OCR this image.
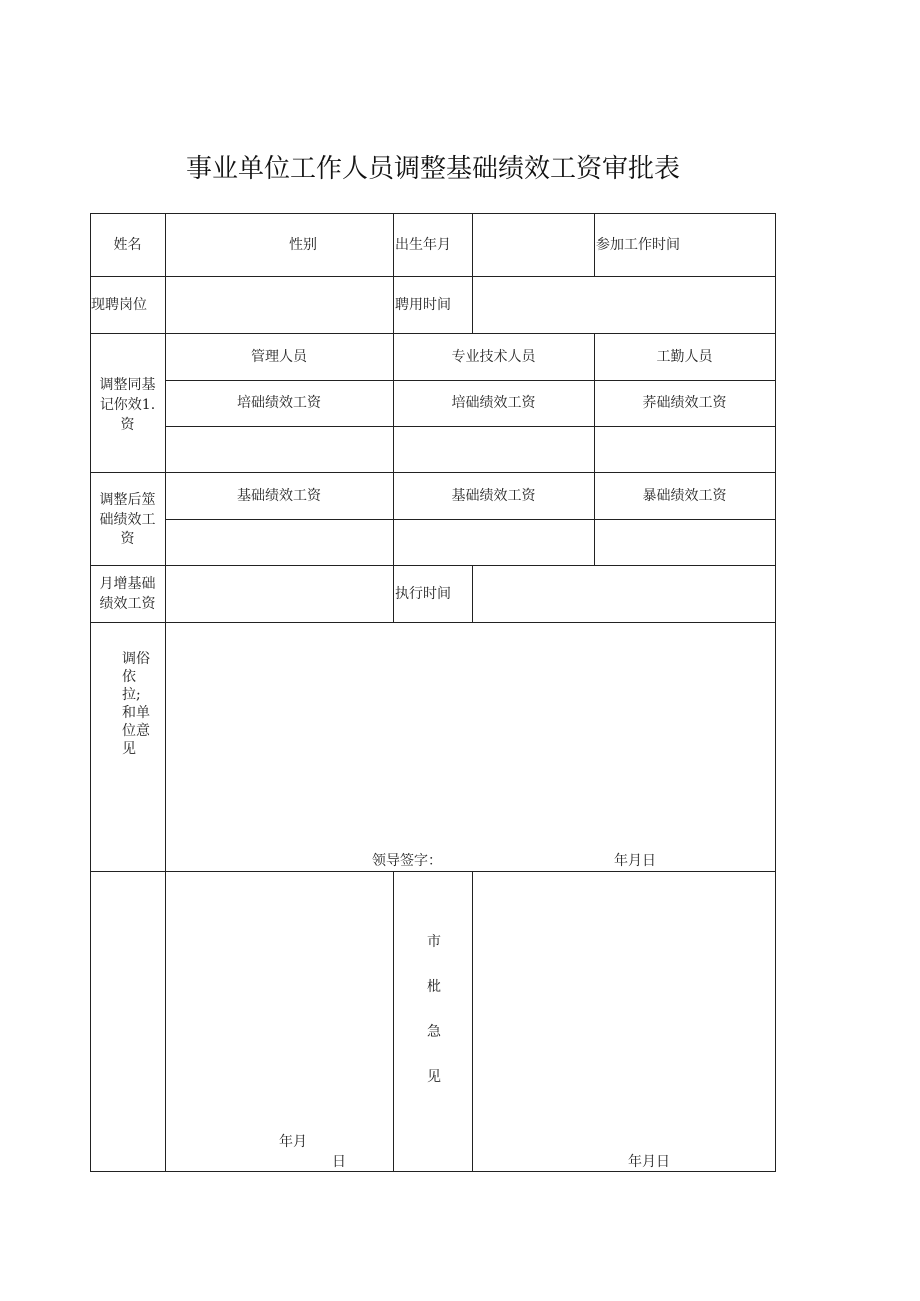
事业单位工作人员调整基础绩效工资审批表
姓名	性别	出生年月	参加工作时间
现聘岗位	聘用时间
调整同基
记你效1.
资
管理人员	专业技术人员	工勤人员
培础绩效工资	培础绩效工资	荞础绩效工资
调整后筮
础绩效工
资
基础绩效工资	基础绩效工资	暴础绩效工资
月增基础
绩效工资
执行时间
调俗
依
拉;
和单
位意
见
领导签字：	年月日
年月
日
市
枇
急
见
年月日
